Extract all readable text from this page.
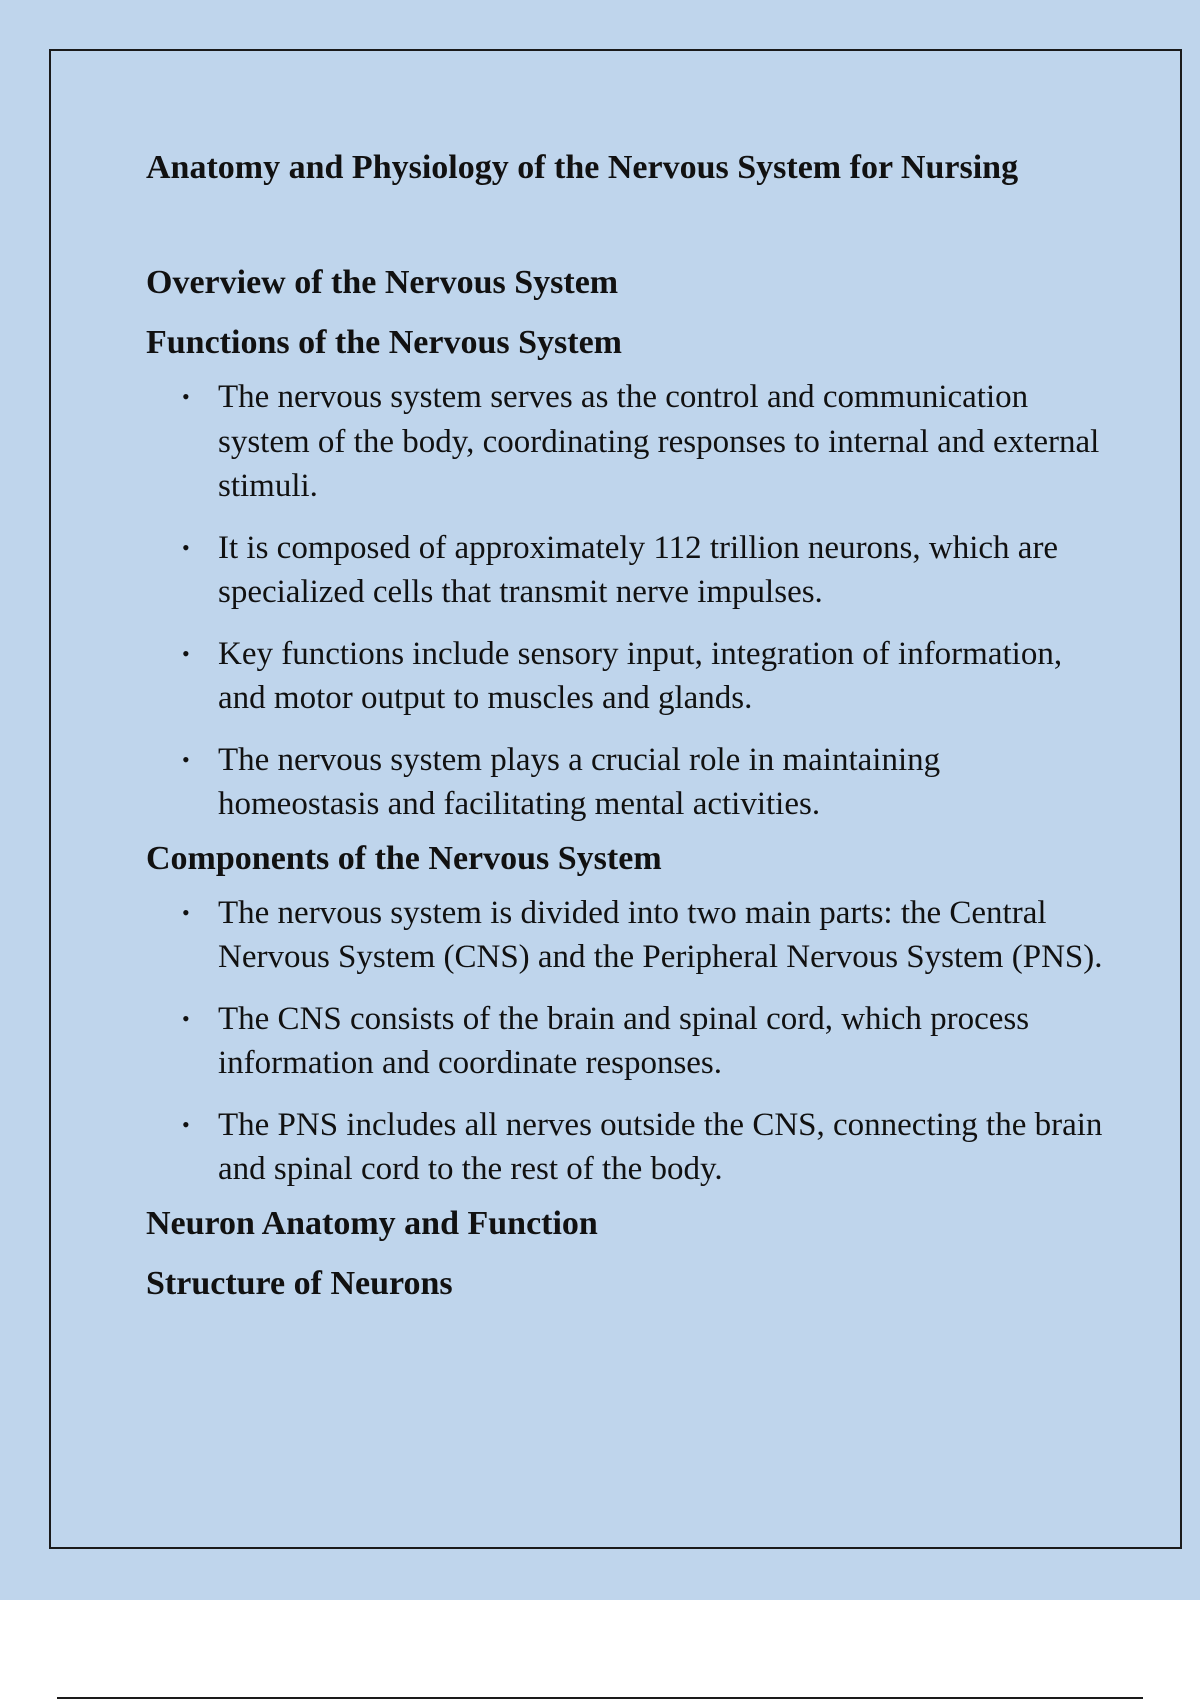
Anatomy and Physiology of the Nervous System for Nursing
Overview of the Nervous System
Functions of the Nervous System
• The nervous system serves as the control and communication system of the body, coordinating responses to internal and external stimuli.
• It is composed of approximately 112 trillion neurons, which are specialized cells that transmit nerve impulses.
• Key functions include sensory input, integration of information, and motor output to muscles and glands.
• The nervous system plays a crucial role in maintaining homeostasis and facilitating mental activities.
Components of the Nervous System
• The nervous system is divided into two main parts: the Central Nervous System (CNS) and the Peripheral Nervous System (PNS).
• The CNS consists of the brain and spinal cord, which process information and coordinate responses.
• The PNS includes all nerves outside the CNS, connecting the brain and spinal cord to the rest of the body.
Neuron Anatomy and Function
Structure of Neurons
